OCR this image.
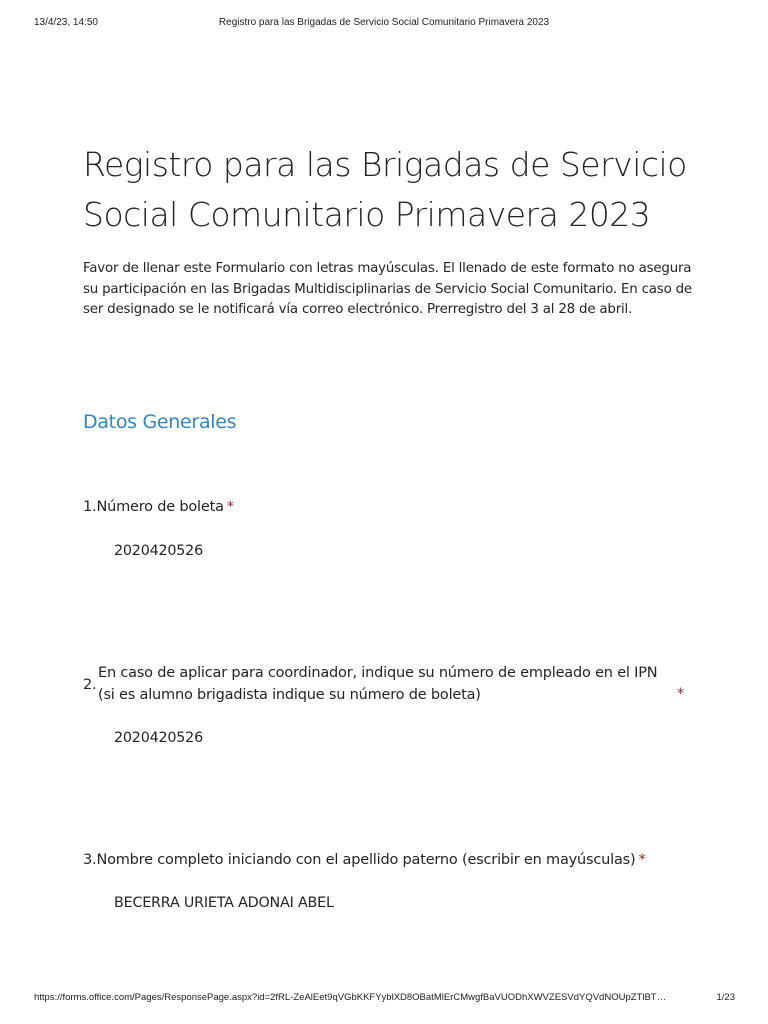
13/4/23, 14:50	Registro para las Brigadas de Servicio Social Comunitario Primavera 2023
Registro para las Brigadas de Servicio Social Comunitario Primavera 2023
Favor de llenar este Formulario con letras mayúsculas. El llenado de este formato no asegura su participación en las Brigadas Multidisciplinarias de Servicio Social Comunitario. En caso de ser designado se le notificará vía correo electrónico. Prerregistro del 3 al 28 de abril.
Datos Generales
1.Número de boleta *
2020420526
2.
En caso de aplicar para coordinador, indique su número de empleado en el IPN (si es alumno brigadista indique su número de boleta)	*
2020420526
3.Nombre completo iniciando con el apellido paterno (escribir en mayúsculas) *
BECERRA URIETA ADONAI ABEL
https://forms.office.com/Pages/ResponsePage.aspx?id=2fRL-ZeAlEet9qVGbKKFYyblXD8OBatMlErCMwgfBaVUODhXWVZESVdYQVdNOUpZTlBT…	1/23
